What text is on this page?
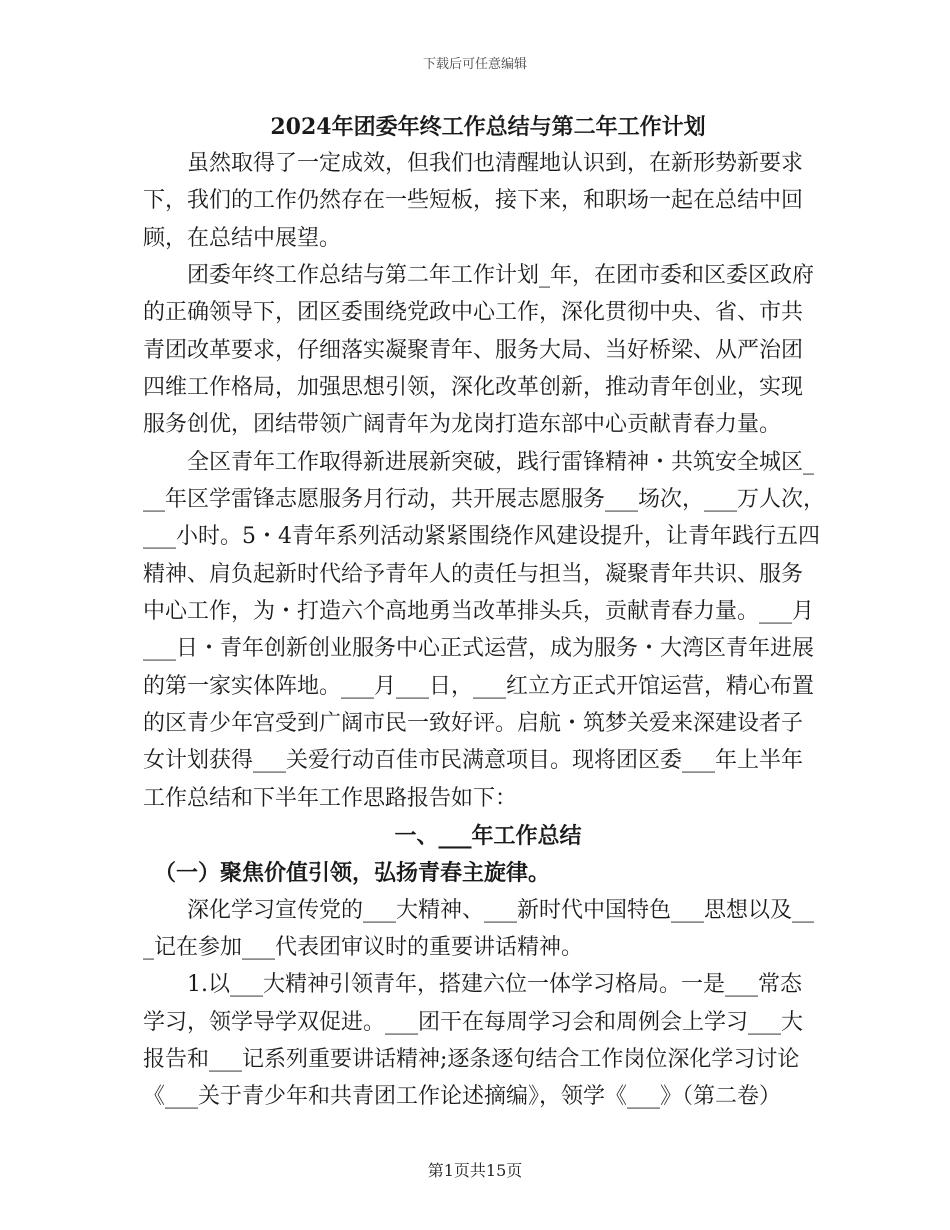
下载后可任意编辑
2024年团委年终工作总结与第二年工作计划
　　虽然取得了一定成效，但我们也清醒地认识到，在新形势新要求
下，我们的工作仍然存在一些短板，接下来，和职场一起在总结中回
顾，在总结中展望。
　　团委年终工作总结与第二年工作计划_年，在团市委和区委区政府
的正确领导下，团区委围绕党政中心工作，深化贯彻中央、省、市共
青团改革要求，仔细落实凝聚青年、服务大局、当好桥梁、从严治团
四维工作格局，加强思想引领，深化改革创新，推动青年创业，实现
服务创优，团结带领广阔青年为龙岗打造东部中心贡献青春力量。
　　全区青年工作取得新进展新突破，践行雷锋精神・共筑安全城区_
__年区学雷锋志愿服务月行动，共开展志愿服务___场次，___万人次，
___小时。5・4青年系列活动紧紧围绕作风建设提升，让青年践行五四
精神、肩负起新时代给予青年人的责任与担当，凝聚青年共识、服务
中心工作，为・打造六个高地勇当改革排头兵，贡献青春力量。___月
___日・青年创新创业服务中心正式运营，成为服务・大湾区青年进展
的第一家实体阵地。___月___日，___红立方正式开馆运营，精心布置
的区青少年宫受到广阔市民一致好评。启航・筑梦关爱来深建设者子
女计划获得___关爱行动百佳市民满意项目。现将团区委___年上半年
工作总结和下半年工作思路报告如下：
一、___年工作总结
　（一）聚焦价值引领，弘扬青春主旋律。
　　深化学习宣传党的___大精神、___新时代中国特色___思想以及__
_记在参加___代表团审议时的重要讲话精神。
　　1.以___大精神引领青年，搭建六位一体学习格局。一是___常态
学习，领学导学双促进。___团干在每周学习会和周例会上学习___大
报告和___记系列重要讲话精神;逐条逐句结合工作岗位深化学习讨论
《___关于青少年和共青团工作论述摘编》，领学《___》（第二卷）
第1页共15页
